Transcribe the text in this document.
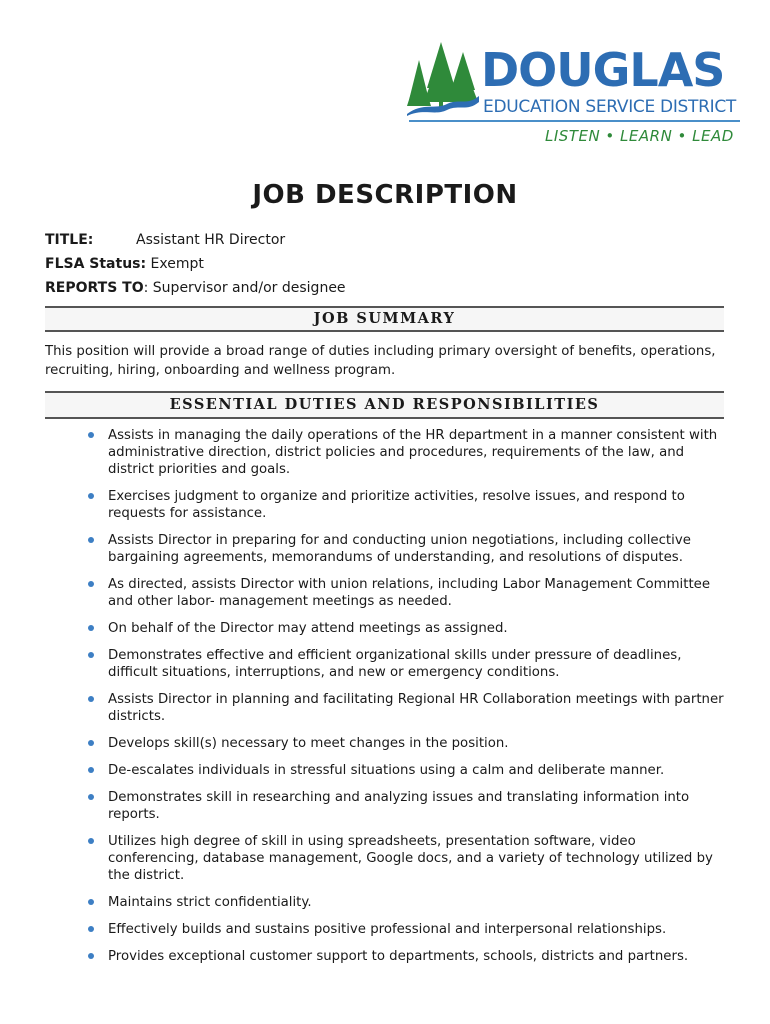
DOUGLAS
EDUCATION SERVICE DISTRICT
LISTEN • LEARN • LEAD
JOB DESCRIPTION
TITLE:	Assistant HR Director
FLSA Status: Exempt
REPORTS TO: Supervisor and/or designee
JOB SUMMARY
This position will provide a broad range of duties including primary oversight of benefits, operations, recruiting, hiring, onboarding and wellness program.
ESSENTIAL DUTIES AND RESPONSIBILITIES
Assists in managing the daily operations of the HR department in a manner consistent with administrative direction, district policies and procedures, requirements of the law, and district priorities and goals.
Exercises judgment to organize and prioritize activities, resolve issues, and respond to requests for assistance.
Assists Director in preparing for and conducting union negotiations, including collective bargaining agreements, memorandums of understanding, and resolutions of disputes.
As directed, assists Director with union relations, including Labor Management Committee and other labor- management meetings as needed.
On behalf of the Director may attend meetings as assigned.
Demonstrates effective and efficient organizational skills under pressure of deadlines, difficult situations, interruptions, and new or emergency conditions.
Assists Director in planning and facilitating Regional HR Collaboration meetings with partner districts.
Develops skill(s) necessary to meet changes in the position.
De-escalates individuals in stressful situations using a calm and deliberate manner.
Demonstrates skill in researching and analyzing issues and translating information into reports.
Utilizes high degree of skill in using spreadsheets, presentation software, video conferencing, database management, Google docs, and a variety of technology utilized by the district.
Maintains strict confidentiality.
Effectively builds and sustains positive professional and interpersonal relationships.
Provides exceptional customer support to departments, schools, districts and partners.
